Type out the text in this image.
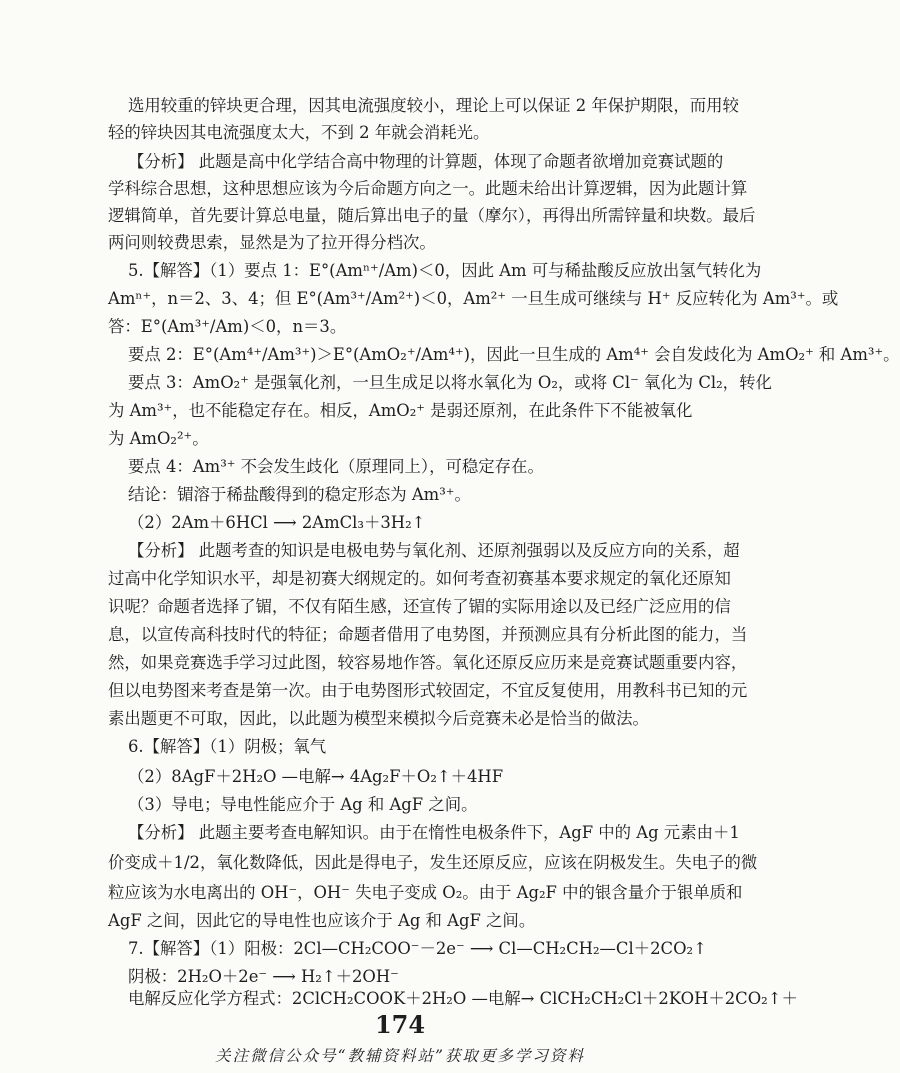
选用较重的锌块更合理，因其电流强度较小，理论上可以保证 2 年保护期限，而用较
轻的锌块因其电流强度太大，不到 2 年就会消耗光。
【分析】 此题是高中化学结合高中物理的计算题，体现了命题者欲增加竞赛试题的
学科综合思想，这种思想应该为今后命题方向之一。此题未给出计算逻辑，因为此题计算
逻辑简单，首先要计算总电量，随后算出电子的量（摩尔），再得出所需锌量和块数。最后
两问则较费思索，显然是为了拉开得分档次。
5.【解答】（1）要点 1：E°(Amⁿ⁺/Am)＜0，因此 Am 可与稀盐酸反应放出氢气转化为
Amⁿ⁺，n＝2、3、4；但 E°(Am³⁺/Am²⁺)＜0，Am²⁺ 一旦生成可继续与 H⁺ 反应转化为 Am³⁺。或
答：E°(Am³⁺/Am)＜0，n＝3。
要点 2：E°(Am⁴⁺/Am³⁺)＞E°(AmO₂⁺/Am⁴⁺)，因此一旦生成的 Am⁴⁺ 会自发歧化为 AmO₂⁺ 和 Am³⁺。
要点 3：AmO₂⁺ 是强氧化剂，一旦生成足以将水氧化为 O₂，或将 Cl⁻ 氧化为 Cl₂，转化
为 Am³⁺，也不能稳定存在。相反，AmO₂⁺ 是弱还原剂，在此条件下不能被氧化
为 AmO₂²⁺。
要点 4：Am³⁺ 不会发生歧化（原理同上），可稳定存在。
结论：镅溶于稀盐酸得到的稳定形态为 Am³⁺。
（2）2Am＋6HCl ⟶ 2AmCl₃＋3H₂↑
【分析】 此题考查的知识是电极电势与氧化剂、还原剂强弱以及反应方向的关系，超
过高中化学知识水平，却是初赛大纲规定的。如何考查初赛基本要求规定的氧化还原知
识呢？命题者选择了镅，不仅有陌生感，还宣传了镅的实际用途以及已经广泛应用的信
息，以宣传高科技时代的特征；命题者借用了电势图，并预测应具有分析此图的能力，当
然，如果竞赛选手学习过此图，较容易地作答。氧化还原反应历来是竞赛试题重要内容，
但以电势图来考查是第一次。由于电势图形式较固定，不宜反复使用，用教科书已知的元
素出题更不可取，因此，以此题为模型来模拟今后竞赛未必是恰当的做法。
6.【解答】（1）阴极；氧气
（2）8AgF＋2H₂O —电解→ 4Ag₂F＋O₂↑＋4HF
（3）导电；导电性能应介于 Ag 和 AgF 之间。
【分析】 此题主要考查电解知识。由于在惰性电极条件下，AgF 中的 Ag 元素由＋1
价变成＋1/2，氧化数降低，因此是得电子，发生还原反应，应该在阴极发生。失电子的微
粒应该为水电离出的 OH⁻，OH⁻ 失电子变成 O₂。由于 Ag₂F 中的银含量介于银单质和
AgF 之间，因此它的导电性也应该介于 Ag 和 AgF 之间。
7.【解答】（1）阳极：2Cl—CH₂COO⁻－2e⁻ ⟶ Cl—CH₂CH₂—Cl＋2CO₂↑
阴极：2H₂O＋2e⁻ ⟶ H₂↑＋2OH⁻
电解反应化学方程式：2ClCH₂COOK＋2H₂O —电解→ ClCH₂CH₂Cl＋2KOH＋2CO₂↑＋
174
关注微信公众号“教辅资料站”获取更多学习资料
